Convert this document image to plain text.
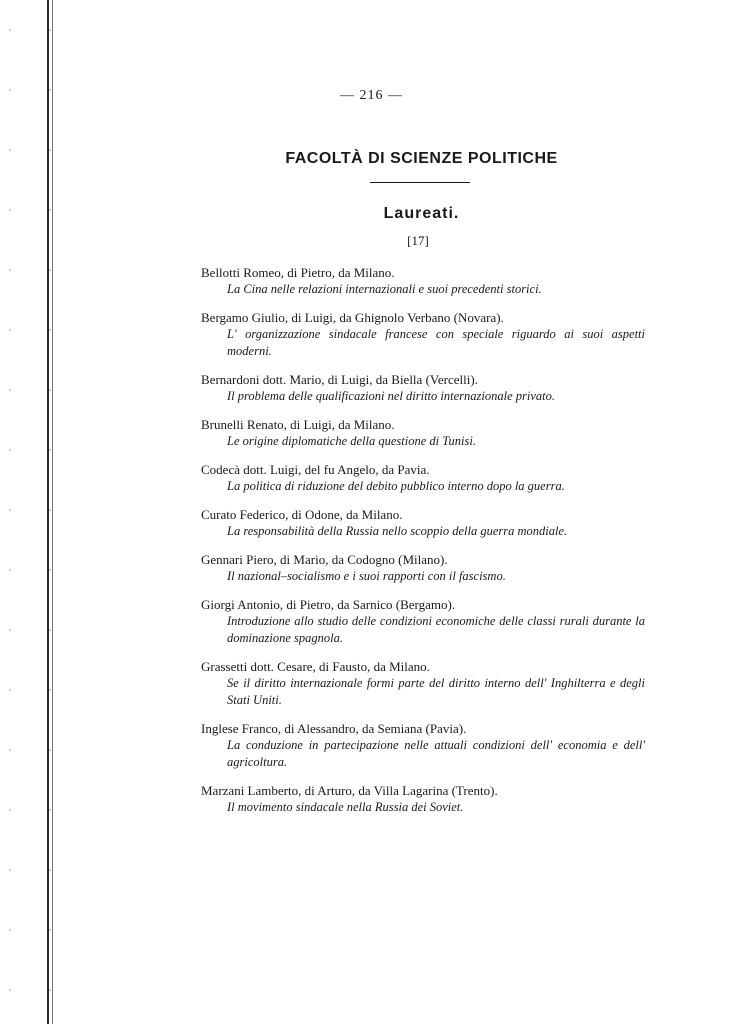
— 216 —
FACOLTÀ DI SCIENZE POLITICHE
Laureati.
[17]
Bellotti Romeo, di Pietro, da Milano.
La Cina nelle relazioni internazionali e suoi precedenti storici.
Bergamo Giulio, di Luigi, da Ghignolo Verbano (Novara).
L' organizzazione sindacale francese con speciale riguardo ai suoi aspetti moderni.
Bernardoni dott. Mario, di Luigi, da Biella (Vercelli).
Il problema delle qualificazioni nel diritto internazionale privato.
Brunelli Renato, di Luigi, da Milano.
Le origine diplomatiche della questione di Tunisi.
Codecà dott. Luigi, del fu Angelo, da Pavia.
La politica di riduzione del debito pubblico interno dopo la guerra.
Curato Federico, di Odone, da Milano.
La responsabilità della Russia nello scoppio della guerra mondiale.
Gennari Piero, di Mario, da Codogno (Milano).
Il nazional–socialismo e i suoi rapporti con il fascismo.
Giorgi Antonio, di Pietro, da Sarnico (Bergamo).
Introduzione allo studio delle condizioni economiche delle classi rurali durante la dominazione spagnola.
Grassetti dott. Cesare, di Fausto, da Milano.
Se il diritto internazionale formi parte del diritto interno dell' Inghilterra e degli Stati Uniti.
Inglese Franco, di Alessandro, da Semiana (Pavia).
La conduzione in partecipazione nelle attuali condizioni dell' economia e dell' agricoltura.
Marzani Lamberto, di Arturo, da Villa Lagarina (Trento).
Il movimento sindacale nella Russia dei Soviet.
